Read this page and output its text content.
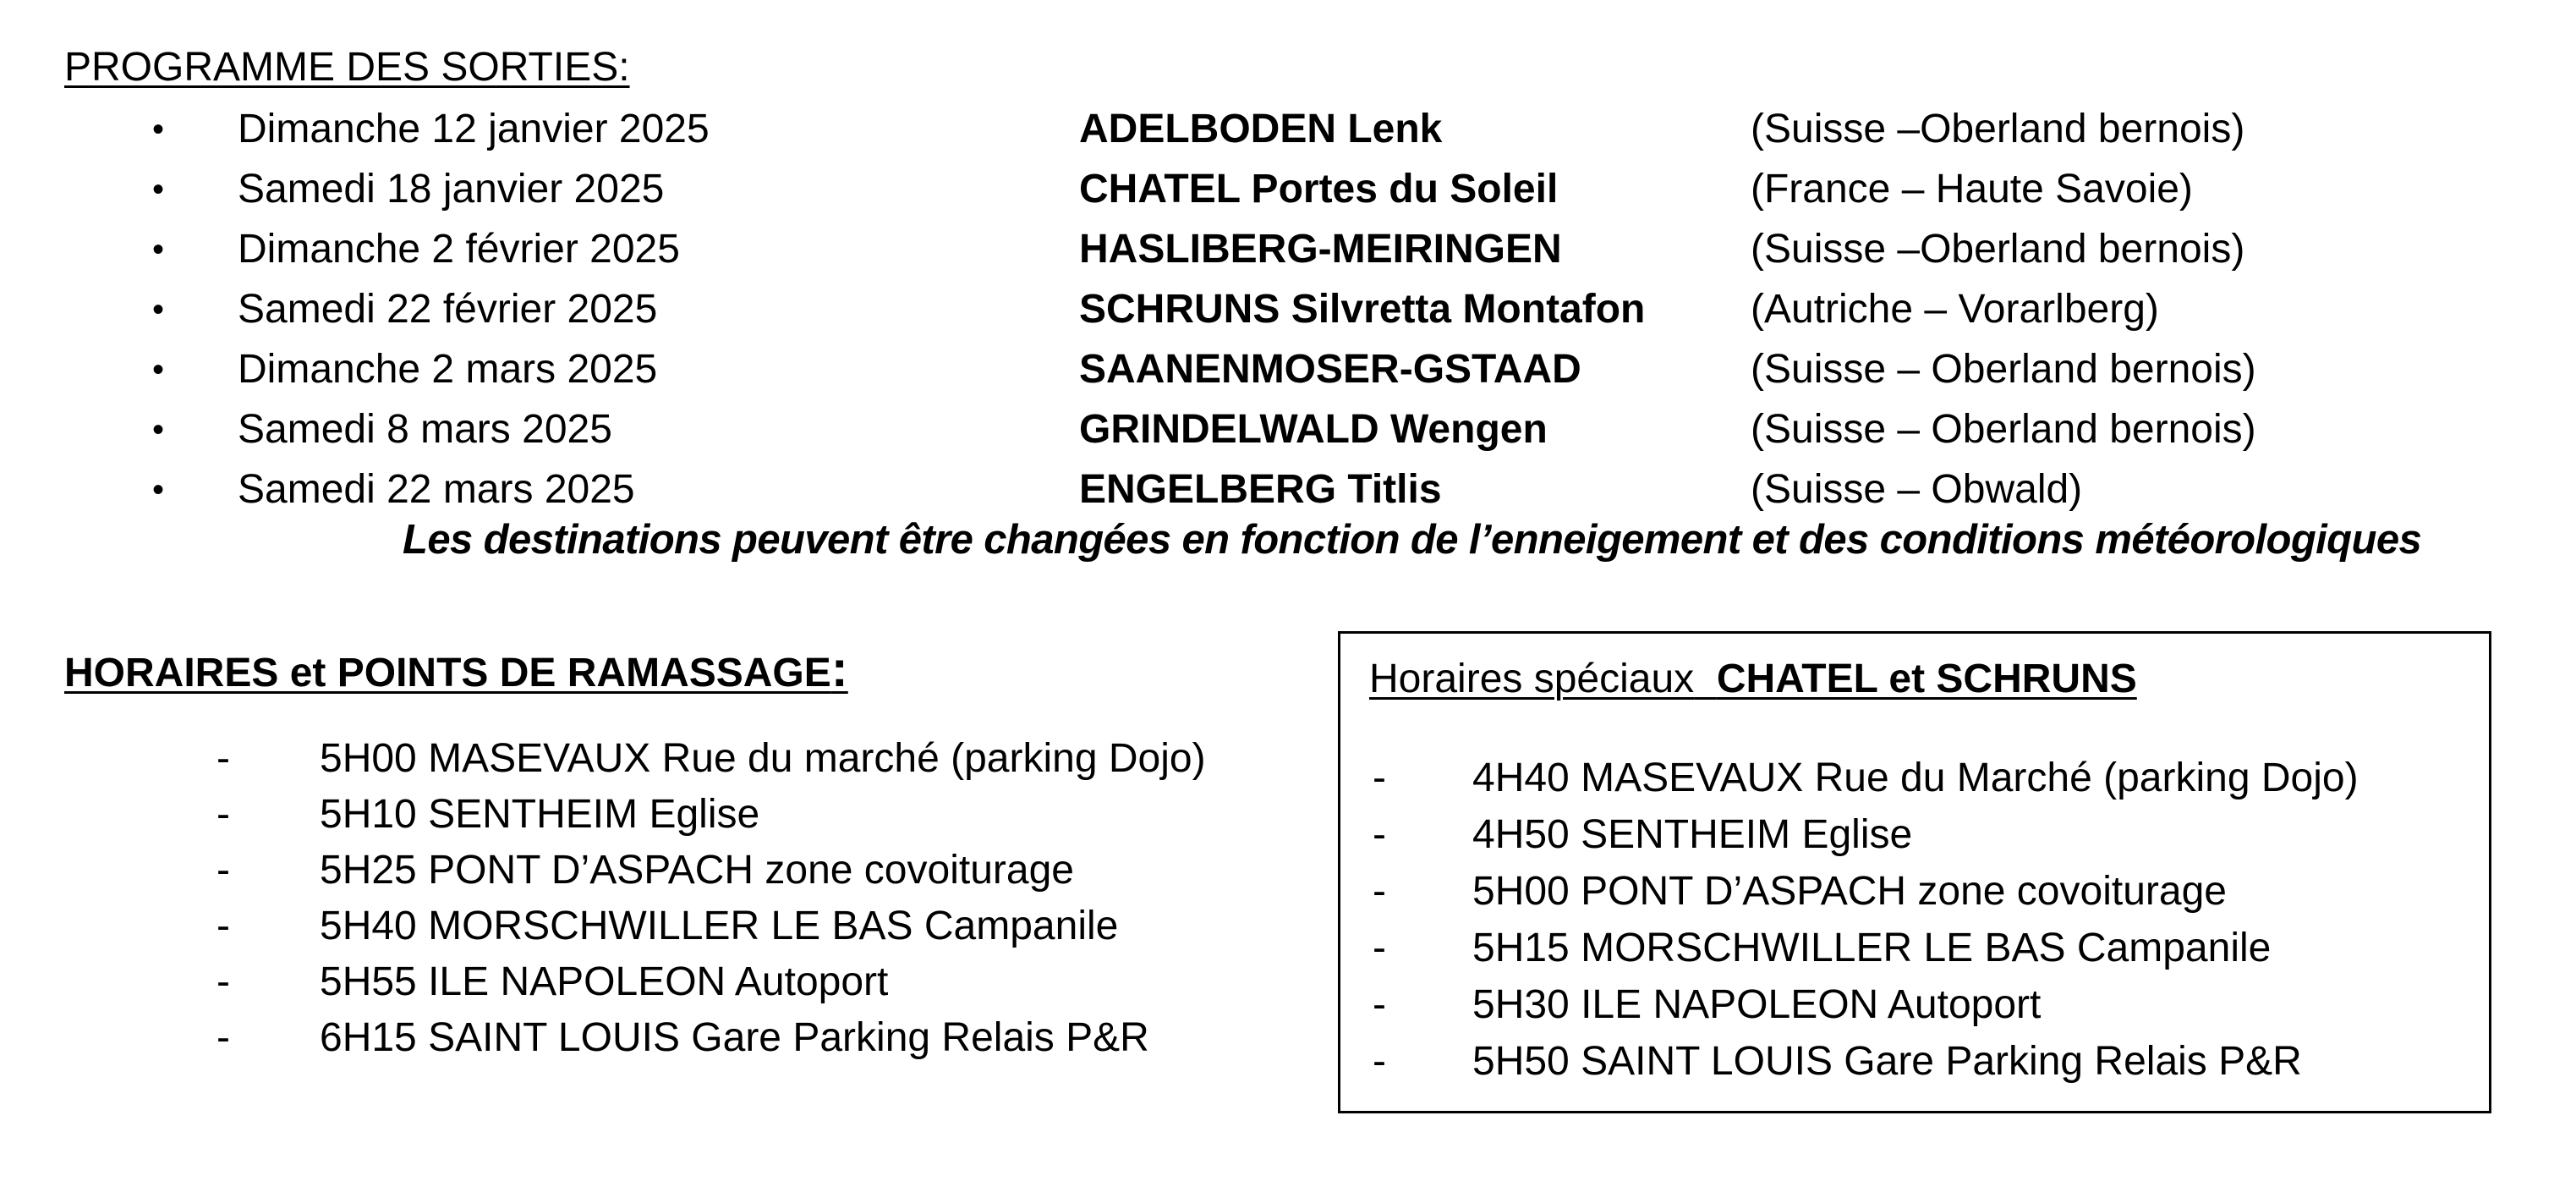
PROGRAMME DES SORTIES:
• Dimanche 12 janvier 2025	ADELBODEN Lenk	(Suisse –Oberland bernois)
• Samedi 18 janvier 2025	CHATEL Portes du Soleil	(France – Haute Savoie)
• Dimanche 2 février 2025	HASLIBERG-MEIRINGEN	(Suisse –Oberland bernois)
• Samedi 22 février 2025	SCHRUNS Silvretta Montafon	(Autriche – Vorarlberg)
• Dimanche 2 mars 2025	SAANENMOSER-GSTAAD	(Suisse – Oberland bernois)
• Samedi 8 mars 2025	GRINDELWALD Wengen	(Suisse – Oberland bernois)
• Samedi 22 mars 2025	ENGELBERG Titlis	(Suisse – Obwald)
Les destinations peuvent être changées en fonction de l’enneigement et des conditions météorologiques
HORAIRES et POINTS DE RAMASSAGE:
- 5H00 MASEVAUX Rue du marché (parking Dojo)
- 5H10 SENTHEIM Eglise
- 5H25 PONT D’ASPACH zone covoiturage
- 5H40 MORSCHWILLER LE BAS Campanile
- 5H55 ILE NAPOLEON Autoport
- 6H15 SAINT LOUIS Gare Parking Relais P&R
Horaires spéciaux CHATEL et SCHRUNS
- 4H40 MASEVAUX Rue du Marché (parking Dojo)
- 4H50 SENTHEIM Eglise
- 5H00 PONT D’ASPACH zone covoiturage
- 5H15 MORSCHWILLER LE BAS Campanile
- 5H30 ILE NAPOLEON Autoport
- 5H50 SAINT LOUIS Gare Parking Relais P&R
